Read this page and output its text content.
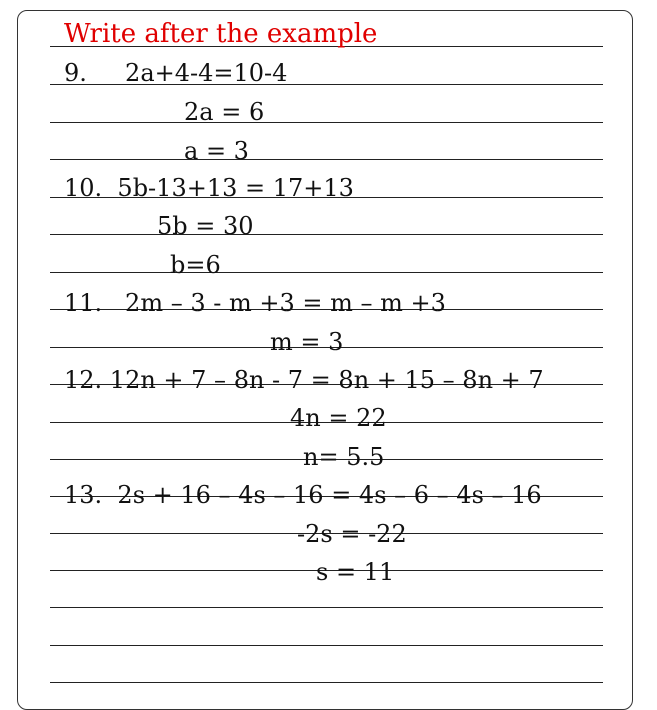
Write after the example
9.     2a+4-4=10-4
2a = 6
a = 3
10.  5b-13+13 = 17+13
5b = 30
b=6
11.   2m – 3 - m +3 = m – m +3
m = 3
12. 12n + 7 – 8n - 7 = 8n + 15 – 8n + 7
4n = 22
n= 5.5
13.  2s + 16 – 4s – 16 = 4s – 6 – 4s – 16
-2s = -22
s = 11
